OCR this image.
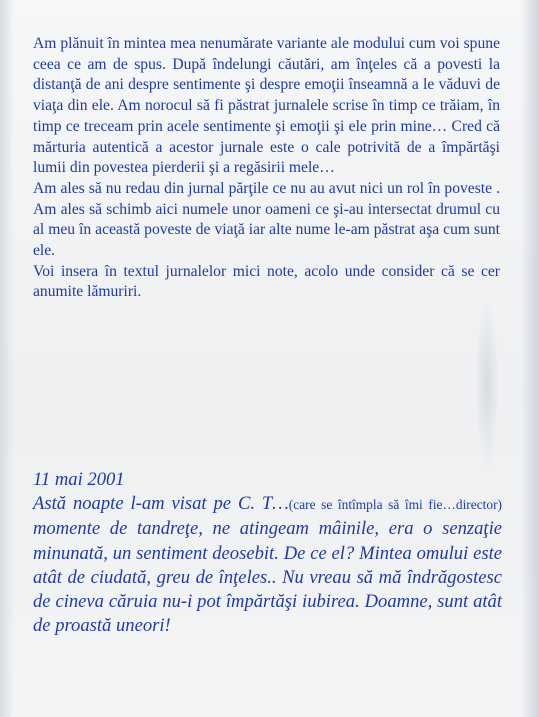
Am plănuit în mintea mea nenumărate variante ale modului cum voi spune ceea ce am de spus. După îndelungi căutări, am înţeles că a povesti la distanţă de ani despre sentimente şi despre emoţii înseamnă a le văduvi de viaţa din ele. Am norocul să fi păstrat jurnalele scrise în timp ce trăiam, în timp ce treceam prin acele sentimente şi emoţii şi ele prin mine… Cred că mărturia autentică a acestor jurnale este o cale potrivită de a împărtăşi lumii din povestea pierderii şi a regăsirii mele…

Am ales să nu redau din jurnal părţile ce nu au avut nici un rol în poveste . Am ales să schimb aici numele unor oameni ce şi-au intersectat drumul cu al meu în această poveste de viaţă iar alte nume le-am păstrat aşa cum sunt ele.

Voi insera în textul jurnalelor mici note, acolo unde consider că se cer anumite lămuriri.

11 mai 2001

Astă noapte l-am visat pe C. T…(care se întîmpla să îmi fie…director) momente de tandreţe, ne atingeam mâinile, era o senzaţie minunată, un sentiment deosebit. De ce el? Mintea omului este atât de ciudată, greu de înţeles.. Nu vreau să mă îndrăgostesc de cineva căruia nu-i pot împărtăşi iubirea. Doamne, sunt atât de proastă uneori!
